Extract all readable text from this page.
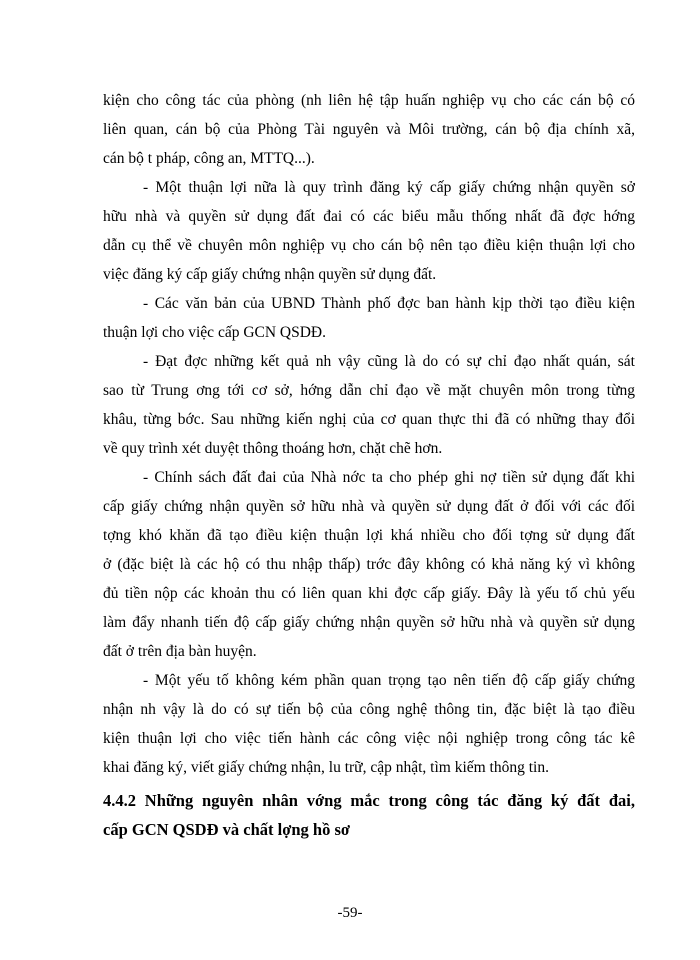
kiện cho công tác của phòng (nh liên hệ tập huấn nghiệp vụ cho các cán bộ có
liên quan, cán bộ của Phòng Tài nguyên và Môi trường, cán bộ địa chính xã,
cán bộ t pháp, công an, MTTQ...).
- Một thuận lợi nữa là quy trình đăng ký cấp giấy chứng nhận quyền sở
hữu nhà và quyền sử dụng đất đai có các biểu mẫu thống nhất đã đợc hớng
dẫn cụ thể về chuyên môn nghiệp vụ cho cán bộ nên tạo điều kiện thuận lợi cho
việc đăng ký cấp giấy chứng nhận quyền sử dụng đất.
- Các văn bản của UBND Thành phố đợc ban hành kịp thời tạo điều kiện
thuận lợi cho việc cấp GCN QSDĐ.
- Đạt đợc những kết quả nh vậy cũng là do có sự chỉ đạo nhất quán, sát
sao từ Trung ơng tới cơ sở, hớng dẫn chỉ đạo về mặt chuyên môn trong từng
khâu, từng bớc. Sau những kiến nghị của cơ quan thực thi đã có những thay đổi
về quy trình xét duyệt thông thoáng hơn, chặt chẽ hơn.
- Chính sách đất đai của Nhà nớc ta cho phép ghi nợ tiền sử dụng đất khi
cấp giấy chứng nhận quyền sở hữu nhà và quyền sử dụng đất ở đối với các đối
tợng khó khăn đã tạo điều kiện thuận lợi khá nhiều cho đối tợng sử dụng đất
ở (đặc biệt là các hộ có thu nhập thấp) trớc đây không có khả năng ký vì không
đủ tiền nộp các khoản thu có liên quan khi đợc cấp giấy. Đây là yếu tố chủ yếu
làm đẩy nhanh tiến độ cấp giấy chứng nhận quyền sở hữu nhà và quyền sử dụng
đất ở trên địa bàn huyện.
- Một yếu tố không kém phần quan trọng tạo nên tiến độ cấp giấy chứng
nhận nh vậy là do có sự tiến bộ của công nghệ thông tin, đặc biệt là tạo điều
kiện thuận lợi cho việc tiến hành các công việc nội nghiệp trong công tác kê
khai đăng ký, viết giấy chứng nhận, lu trữ, cập nhật, tìm kiếm thông tin.
4.4.2 Những nguyên nhân vớng mắc trong công tác đăng ký đất đai,
cấp GCN QSDĐ và chất lợng hồ sơ
-59-
